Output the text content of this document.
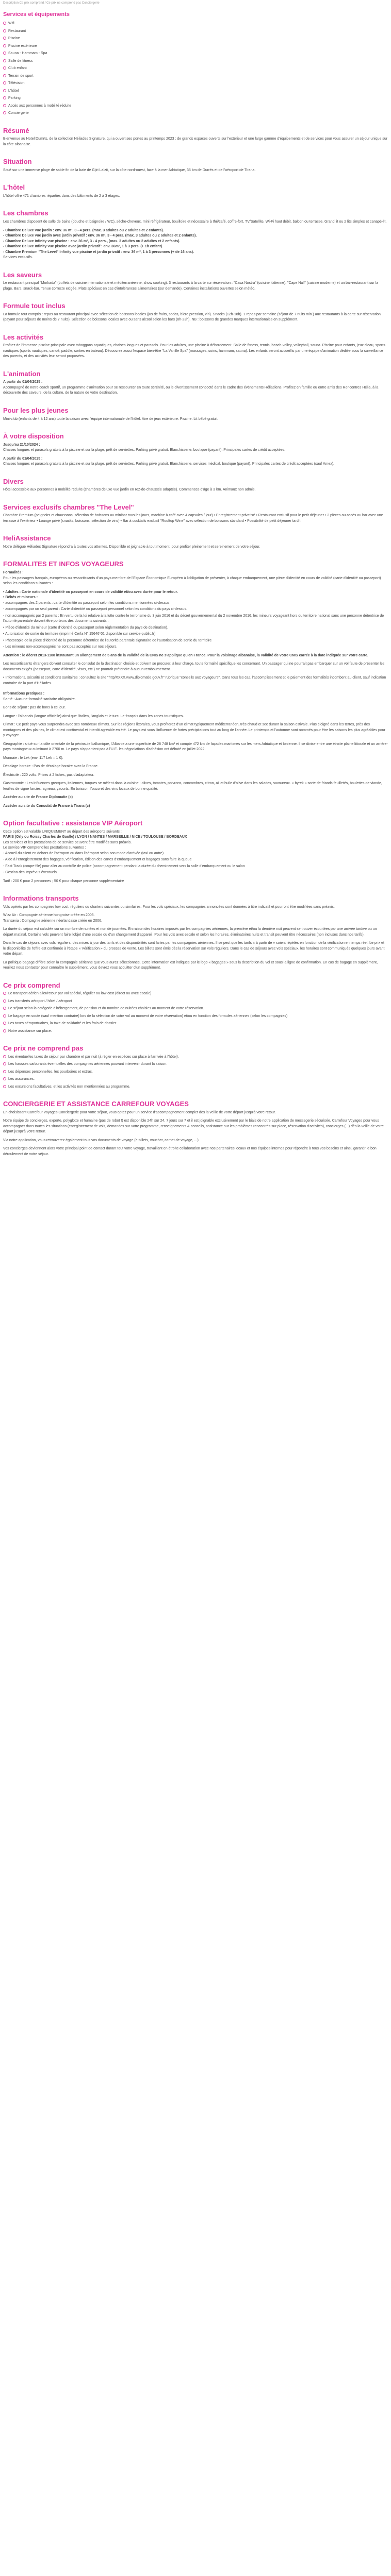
Description Ce prix comprend / Ce prix ne comprend pas Conciergerie
Services et équipements
Wifi
Restaurant
Piscine
Piscine extérieure
Sauna - Hammam - Spa
Salle de fitness
Club enfant
Terrain de sport
Télévision
L'hôtel
Parking
Accès aux personnes à mobilité réduite
Conciergerie
Résumé

Bienvenue au Hotel Dumrts, de la collection Héliades Signature, qui a ouvert ses portes au printemps 2023 : de grands espaces ouverts sur l'extérieur et une large gamme d'équipements et de services pour vous assurer un séjour unique sur la côte albanaise.

Situation

Situé sur une immense plage de sable fin de la baie de Gjiri Lalzit, sur la côte nord-ouest, face à la mer Adriatique, 35 km de Durrës et de l'aéroport de Tirana.

L'hôtel

L'hôtel offre 471 chambres réparties dans des bâtiments de 2 à 3 étages.

Les chambres

Les chambres disposent de salle de bains (douche et baignoire / WC), sèche-cheveux, mini réfrigérateur, bouilloire et nécessaire à thé/café, coffre-fort, TV/Satellite, Wi-Fi haut débit, balcon ou terrasse. Grand lit ou 2 lits simples et canapé-lit.

- Chambre Deluxe vue jardin : env. 36 m², 3 - 4 pers. (max. 3 adultes ou 2 adultes et 2 enfants).
- Chambre Deluxe vue jardin avec jardin privatif : env. 36 m², 3 - 4 pers. (max. 3 adultes ou 2 adultes et 2 enfants).
- Chambre Deluxe Infinity vue piscine : env. 36 m², 3 - 4 pers., (max. 3 adultes ou 2 adultes et 2 enfants).
- Chambre Deluxe Infinity vue piscine avec jardin privatif : env. 36m², 1 à 3 pers. (+ 1b enfant).
- Chambre Premium "The Level" Infinity vue piscine et jardin privatif : env. 36 m², 1 à 3 personnes (+ de 16 ans).
Services exclusifs.
Les saveurs

Le restaurant principal "Morkada" (buffets de cuisine internationale et méditerranéenne, show cooking). 3 restaurants à la carte sur réservation : "Casa Nostra" (cuisine italienne), "Cape Nali" (cuisine moderne) et un bar-restaurant sur la plage. Bars, snack-bar. Tenue correcte exigée. Plats spéciaux en cas d'intolérances alimentaires (sur demande). Certaines installations ouvertes selon météo.

Formule tout inclus

La formule tout compris : repas au restaurant principal avec sélection de boissons locales (jus de fruits, sodas, bière pression, vin). Snacks (12h-18h). 1 repas par semaine (séjour de 7 nuits min.) aux restaurants à la carte sur réservation (payant pour séjours de moins de 7 nuits). Sélection de boissons locales avec ou sans alcool selon les bars (8h-23h). NB : boissons de grandes marques internationales en supplément.

Les activités

Profitez de l'immense piscine principale avec toboggans aquatiques, chaises longues et parasols. Pour les adultes, une piscine à débordement. Salle de fitness, tennis, beach-volley, volleyball, sauna. Piscine pour enfants, jeux d'eau, sports nautiques (sports nautiques, canoë, paddle, sorties en bateau). Découvrez aussi l'espace bien-être "La Vanille Spa" (massages, soins, hammam, sauna). Les enfants seront accueillis par une équipe d'animation dédiée sous la surveillance des parents, et des activités leur seront proposées.

L'animation
A partir du 01/04/2025 :

Accompagné de notre coach sportif, un programme d'animation pour se ressourcer en toute sérénité, ou le divertissement concocté dans le cadre des événements Héliadiens. Profitez en famille ou entre amis des Rencontres Hélia, à la découverte des saveurs, de la culture, de la nature de votre destination.

Pour les plus jeunes

Mini-club (enfants de 4 à 12 ans) toute la saison avec l'équipe internationale de l'hôtel. Aire de jeux extérieure. Piscine. Lit bébé gratuit.

À votre disposition
Jusqu'au 21/10/2024 :

Chaises longues et parasols gratuits à la piscine et sur la plage, prêt de serviettes. Parking privé gratuit. Blanchisserie, boutique (payant). Principales cartes de crédit acceptées.

A partir du 01/04/2025 :

Chaises longues et parasols gratuits à la piscine et sur la plage, prêt de serviettes. Parking privé gratuit. Blanchisserie, services médical, boutique (payant). Principales cartes de crédit acceptées (sauf Amex).

Divers

Hôtel accessible aux personnes à mobilité réduite (chambres deluxe vue jardin en rez-de-chaussée adaptée). Commences d'âge à 3 km. Animaux non admis.

Services exclusifs chambres "The Level"

Chambre Premium (peignoirs et chaussons, sélection de boissons au minibar tous les jours, machine à café avec 4 capsules / jour) • Enregistrement privatisé • Restaurant exclusif pour le petit déjeuner • 2 pièces ou accès au bar avec une terrasse à l'extérieur • Lounge privé (snacks, boissons, sélection de vins) • Bar à cocktails exclusif "Rooftop Wine" avec sélection de boissons standard • Possibilité de petit déjeuner tardif.

HeliAssistance

Notre délégué Héliades Signature répondra à toutes vos attentes. Disponible et joignable à tout moment, pour profiter pleinement et sereinement de votre séjour.

FORMALITES ET INFOS VOYAGEURS
Formalités :

Pour les passagers français, européens ou ressortissants d'un pays membre de l'Espace Économique Européen à l'obligation de présenter, à chaque embarquement, une pièce d'identité en cours de validité (carte d'identité ou passeport) selon les conditions suivantes :

• Adultes : Carte nationale d'identité ou passeport en cours de validité et/ou avec durée pour le retour.
• Bébés et mineurs :
- accompagnés des 2 parents : carte d'identité ou passeport selon les conditions mentionnées ci-dessus.
- accompagnés par un seul parent : Carte d'identité ou passeport personnel selon les conditions du pays ci-dessus.
- non accompagnés par 2 parents : En vertu de la loi relative à la lutte contre le terrorisme du 3 juin 2016 et du décret gouvernemental du 2 novembre 2016, les mineurs voyageant hors du territoire national sans une personne détentrice de l'autorité parentale doivent être porteurs des documents suivants :
• Pièce d'identité du mineur (carte d'identité ou passeport selon réglementation du pays de destination).
• Autorisation de sortie du territoire (imprimé Cerfa N° 15646*01 disponible sur service-public.fr)
• Photocopie de la pièce d'identité de la personne détentrice de l'autorité parentale signataire de l'autorisation de sortie du territoire
- Les mineurs non-accompagnés ne sont pas acceptés sur nos séjours.

Attention : le décret 2013-1188 instaurant un allongement de 5 ans de la validité de la CNIS ne s'applique qu'en France. Pour la voisinage albanaise, la validité de votre CNIS carrée à la date indiquée sur votre carte.

Les ressortissants étrangers doivent consulter le consulat de la destination choisie et doivent se procurer, à leur charge, toute formalité spécifique les concernant. Un passager qui ne pourrait pas embarquer sur un vol faute de présenter les documents exigés (passeport, carte d'identité, visas, etc.) ne pourrait prétendre à aucun remboursement.

• Informations, sécurité et conditions sanitaires : consultez le site "http/XXXX.www.diplomatie.gouv.fr" rubrique "conseils aux voyageurs". Dans tous les cas, l'accomplissement et le paiement des formalités incombent au client, sauf indication contraire de la part d'Héliades.

Informations pratiques :

Santé : Aucune formalité sanitaire obligatoire.

Bons de séjour : pas de bons à ce jour.

Langue : l'albanais (langue officielle) ainsi que l'italien, l'anglais et le turc. Le français dans les zones touristiques.

Climat : Ce petit pays vous surprendra avec ses nombreux climats. Sur les régions littorales, vous profiterez d'un climat typiquement méditerranéen, très chaud et sec durant la saison estivale. Plus éloigné dans les terres, près des montagnes et des plaines, le climat est continental et interdit agréable en été. Le pays est sous l'influence de fortes précipitations tout au long de l'année. Le printemps et l'automne sont nommés pour être les saisons les plus agréables pour y voyager.

Géographie : situé sur la côte orientale de la péninsule balkanique, l'Albanie a une superficie de 28 748 km² et compte 472 km de façades maritimes sur les mers Adriatique et Ionienne. Il se divise entre une étroite plaine littorale et un arrière-pays montagneux culminant à 2700 m. Le pays n'appartient pas à l'U.E. les négociations d'adhésion ont débuté en juillet 2022.

Monnaie : le Lek (env. 117 Lek = 1 €).

Décalage horaire : Pas de décalage horaire avec la France.

Électricité : 220 volts. Prises à 2 fiches, pas d'adaptateur.

Gastronomie : Les influences grecques, italiennes, turques se mêlent dans la cuisine : olives, tomates, poivrons, concombres, citron, ail et huile d'olive dans les salades, savoureux. « byrek » sorte de friands feuilletés, boulettes de viande, feuilles de vigne farcies, agneau, yaourts. En boisson, l'ouzo et des vins locaux de bonne qualité.

Accéder au site de France Diplomatie (c)

Accéder au site du Consulat de France à Tirana (c)

Option facultative : assistance VIP Aéroport
Cette option est valable UNIQUEMENT au départ des aéroports suivants :
PARIS (Orly ou Roissy Charles de Gaulle) / LYON / NANTES / MARSEILLE / NICE / TOULOUSE / BORDEAUX
Les services et les prestations de ce service peuvent être modifiés sans préavis.
Le service VIP comprend les prestations suivantes :
- Accueil du client en dehors de l'aéroport ou dans l'aéroport selon son mode d'arrivée (taxi ou autre)
- Aide à l'enregistrement des bagages, vérification, édition des cartes d'embarquement et bagages sans faire la queue
- Fast Track (coupe-file) pour aller au contrôle de police (accompagnement pendant la durée du cheminement vers la salle d'embarquement ou le salon
- Gestion des imprévus éventuels
Tarif : 200 € pour 2 personnes ; 50 € pour chaque personne supplémentaire
Informations transports

Vols opérés par les compagnies low cost, réguliers ou charters suivantes ou similaires. Pour les vols spéciaux, les compagnies annoncées sont données à titre indicatif et pourront être modifiées sans préavis.

Wizz Air : Compagnie aérienne hongroise créée en 2003.

Transavia : Compagnie aérienne néerlandaise créée en 2006.

La durée du séjour est calculée sur un nombre de nuitées et non de journées. En raison des horaires imposés par les compagnies aériennes, la première et/ou la dernière nuit peuvent se trouver écourtées par une arrivée tardive ou un départ matinal. Certains vols peuvent faire l'objet d'une escale ou d'un changement d'appareil. Pour les vols avec escale et selon les horaires, éliminatoires nuits et transit peuvent être nécessaires (non incluses dans nos tarifs).

Dans le cas de séjours avec vols réguliers, des mises à jour des tarifs et des disponibilités sont faites par les compagnies aériennes. Il se peut que les tarifs « à partir de » soient répétés en fonction de la vérification en temps réel. Le prix et le disponibilité de l'offre est confirmée à l'étape « Vérification » du process de vente. Les billets sont émis dès la réservation sur vols réguliers. Dans le cas de séjours avec vols spéciaux, les horaires sont communiqués quelques jours avant votre départ.

La politique bagage diffère selon la compagnie aérienne que vous aurez sélectionnée. Cette information est indiquée par le logo « bagages » sous la description du vol et sous la ligne de confirmation. En cas de bagage en supplément, veuillez nous contacter pour connaître le supplément, vous devrez vous acquitter d'un supplément.

Ce prix comprend
Le transport aérien aller/retour par vol spécial, régulier ou low cost (direct ou avec escale)
Les transferts aéroport / hôtel / aéroport
Le séjour selon la catégorie d'hébergement, de pension et du nombre de nuitées choisies au moment de votre réservation.
Le bagage en soute (sauf mention contraire) lors de la sélection de votre vol au moment de votre réservation) et/ou en fonction des formules aériennes (selon les compagnies)
Les taxes aéroportuaires, la taxe de solidarité et les frais de dossier
Notre assistance sur place.
Ce prix ne comprend pas
Les éventuelles taxes de séjour par chambre et par nuit (à régler en espèces sur place à l'arrivée à l'hôtel).
Les hausses carburants éventuelles des compagnies aériennes pouvant intervenir durant la saison.
Les dépenses personnelles, les pourboires et extras.
Les assurances.
Les excursions facultatives, et les activités non mentionnées au programme.
CONCIERGERIE ET ASSISTANCE CARREFOUR VOYAGES

En choisissant Carrefour Voyages Conciergerie pour votre séjour, vous optez pour un service d'accompagnement complet dès la veille de votre départ jusqu'à votre retour.

Notre équipe de concierges, experte, polyglotte et humaine (pas de robot !) est disponible 24h sur 24, 7 jours sur 7 et il est joignable exclusivement par le biais de notre application de messagerie sécurisée, Carrefour Voyages pour vous accompagner dans toutes les situations (enregistrement de vols, demandes sur votre programme, renseignements & conseils, assistance sur les problèmes rencontrés sur place, réservation d'activités), concierges (...) dès la veille de votre départ jusqu'à votre retour.

Via notre application, vous retrouverez également tous vos documents de voyage (e-billets, voucher, carnet de voyage, ...)

Vos concierges deviennent alors votre principal point de contact durant tout votre voyage, travaillant en étroite collaboration avec nos partenaires locaux et nos équipes internes pour répondre à tous vos besoins et ainsi, garantir le bon déroulement de votre séjour.
